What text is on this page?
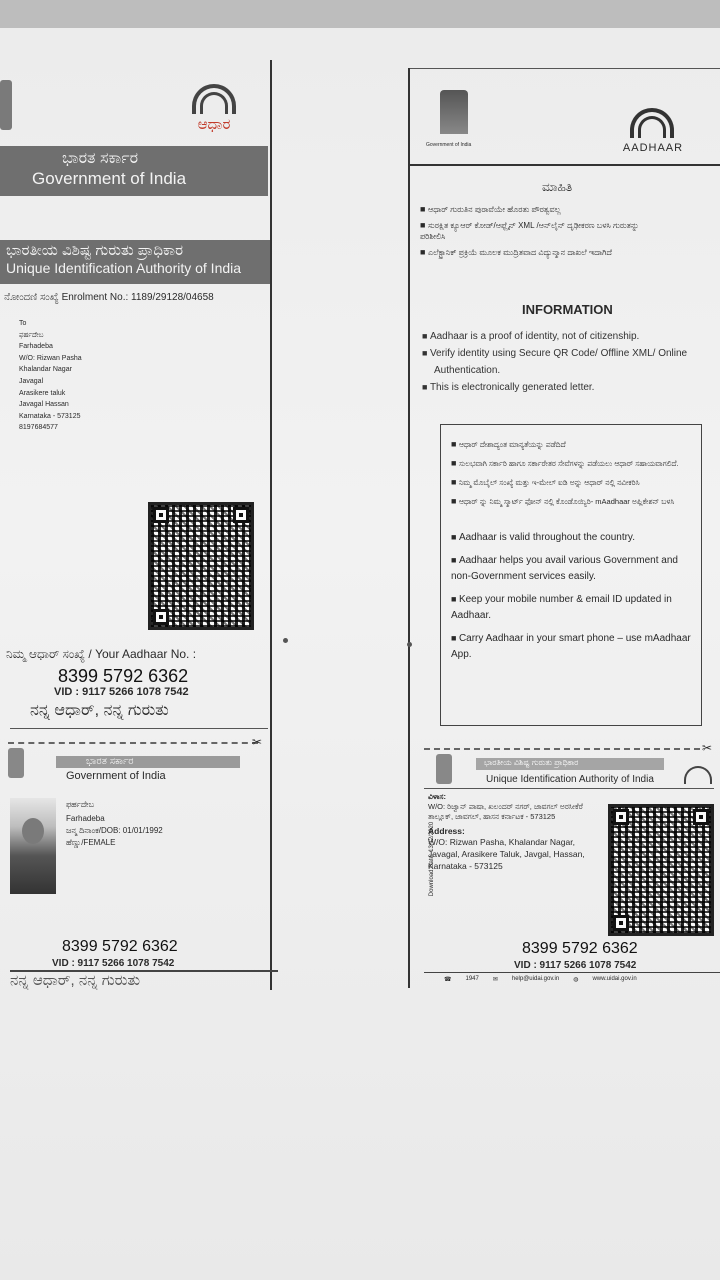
ಆಧಾರ
ಭಾರತ ಸರ್ಕಾರ
Government of India
ಭಾರತೀಯ ವಿಶಿಷ್ಟ ಗುರುತು ಪ್ರಾಧಿಕಾರ
Unique Identification Authority of India
ನೋಂದಣಿ ಸಂಖ್ಯೆ Enrolment No.: 1189/29128/04658
To
ಫರ್ಹದೇಬ
Farhadeba
W/O: Rizwan Pasha
Khalandar Nagar
Javagal
Arasikere taluk
Javagal Hassan
Karnataka - 573125
8197684577
ನಿಮ್ಮ ಆಧಾರ್ ಸಂಖ್ಯೆ / Your Aadhaar No. :
8399 5792 6362
VID : 9117 5266 1078 7542
ನನ್ನ ಆಧಾರ್, ನನ್ನ ಗುರುತು
✂
ಭಾರತ ಸರ್ಕಾರ
Government of India
ಫರ್ಹದೇಬ
Farhadeba
ಜನ್ಮ ದಿನಾಂಕ/DOB: 01/01/1992
ಹೆಣ್ಣು/FEMALE
8399 5792 6362
VID : 9117 5266 1078 7542
ನನ್ನ ಆಧಾರ್, ನನ್ನ ಗುರುತು
Government of India	AADHAAR
ಮಾಹಿತಿ
■ ಆಧಾರ್ ಗುರುತಿನ ಪುರಾವೆಯೇ ಹೊರತು ಪೌರತ್ವವಲ್ಲ
■ ಸುರಕ್ಷಿತ ಕ್ಯೂಆರ್ ಕೋಡ್/ಆಫ್ಲೈನ್ XML /ಆನ್‌ಲೈನ್ ದೃಢೀಕರಣ ಬಳಸಿ ಗುರುತನ್ನು ಪರಿಶೀಲಿಸಿ
■ ಎಲೆಕ್ಟ್ರಾನಿಕ್ ಪ್ರಕ್ರಿಯೆ ಮೂಲಕ ಮುದ್ರಿತವಾದ ವಿದ್ಯುನ್ಮಾನ ದಾಖಲೆ ಇದಾಗಿದೆ
INFORMATION
■ Aadhaar is a proof of identity, not of citizenship.
■ Verify identity using Secure QR Code/ Offline XML/ Online
Authentication.
■ This is electronically generated letter.
■ ಆಧಾರ್ ದೇಶಾದ್ಯಂತ ಮಾನ್ಯತೆಯನ್ನು ಪಡೆದಿದೆ
■ ಸುಲಭವಾಗಿ ಸರ್ಕಾರಿ ಹಾಗೂ ಸರ್ಕಾರೇತರ ಸೇವೆಗಳನ್ನು ಪಡೆಯಲು ಆಧಾರ್ ಸಹಾಯವಾಗಲಿದೆ.
■ ನಿಮ್ಮ ಮೊಬೈಲ್ ಸಂಖ್ಯೆ ಮತ್ತು ಇ-ಮೇಲ್ ಐಡಿ ಅನ್ನು ಆಧಾರ್ ನಲ್ಲಿ ನವೀಕರಿಸಿ
■ ಆಧಾರ್ ನ್ನು ನಿಮ್ಮ ಸ್ಮಾರ್ಟ್ ಫೋನ್ ನಲ್ಲಿ ಕೊಂಡೊಯ್ಯಿರಿ- mAadhaar ಅಪ್ಲಿಕೇಶನ್ ಬಳಸಿ
■ Aadhaar is valid throughout the country.
■ Aadhaar helps you avail various Government and non-Government services easily.
■ Keep your mobile number & email ID updated in Aadhaar.
■ Carry Aadhaar in your smart phone – use mAadhaar App.
✂
ಭಾರತೀಯ ವಿಶಿಷ್ಟ ಗುರುತು ಪ್ರಾಧಿಕಾರ
Unique Identification Authority of India
Download Date: 13/12/2020
ವಿಳಾಸ:
W/O: ರಿಜ್ವಾನ್ ಪಾಷಾ, ಖಲಂದರ್ ನಗರ್, ಜಾವಗಲ್ ಅರಸೀಕೆರೆ ತಾಲ್ಲೂಕ್, ಜಾವಗಲ್, ಹಾಸನ ಕರ್ನಾಟಕ - 573125
Address:
W/O: Rizwan Pasha, Khalandar Nagar, Javagal, Arasikere Taluk, Javgal, Hassan, Karnataka - 573125
8399 5792 6362
VID : 9117 5266 1078 7542
☎ 1947 ✉ help@uidai.gov.in ◍ www.uidai.gov.in
